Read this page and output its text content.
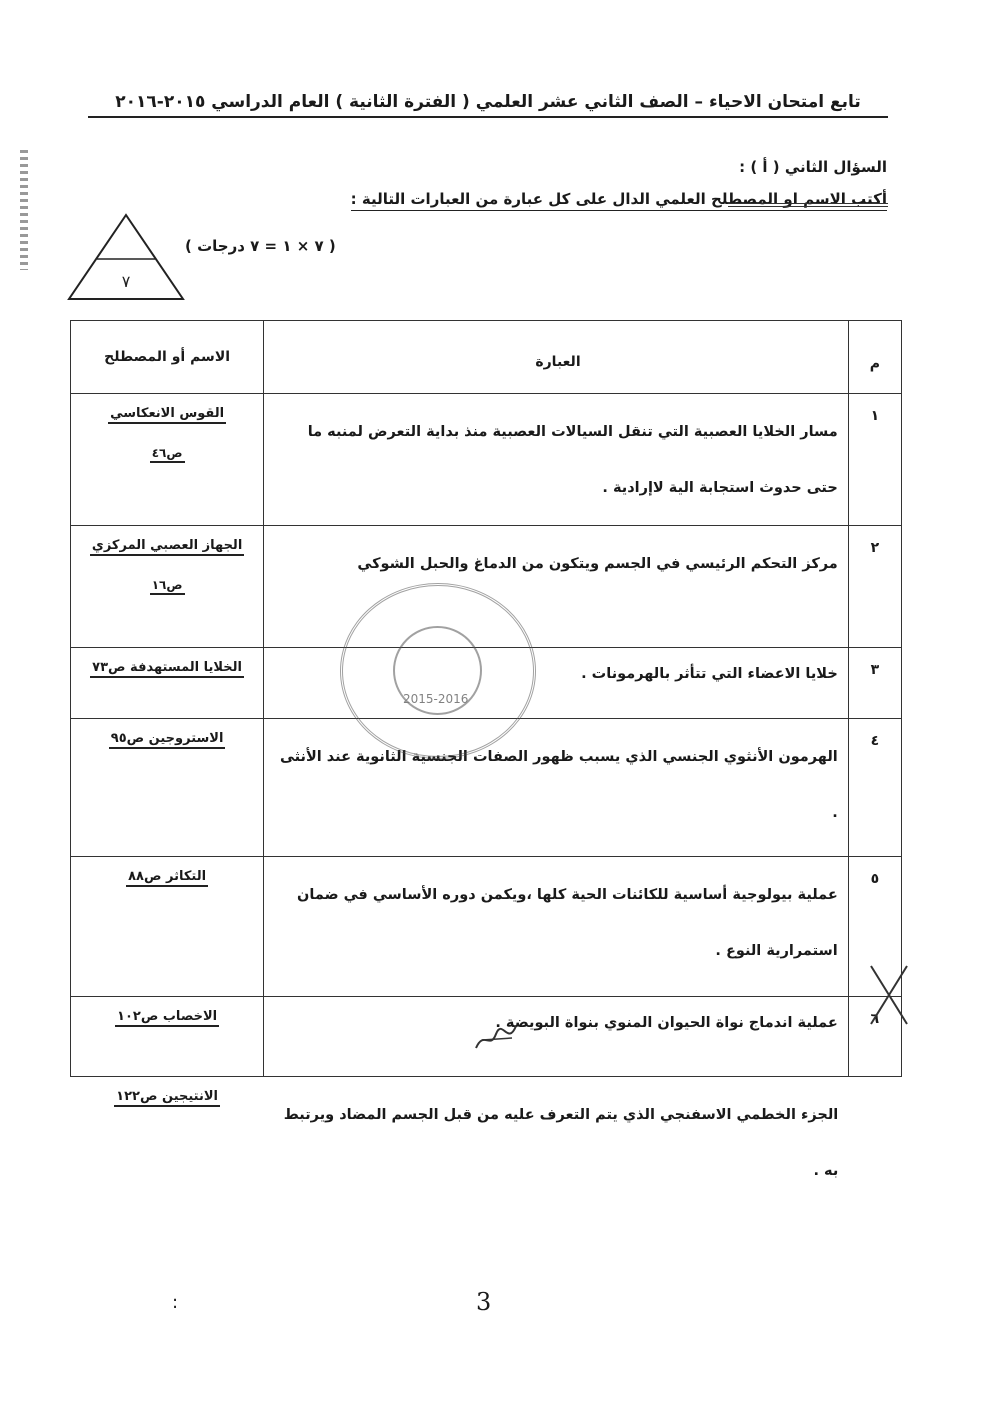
تابع امتحان الاحياء – الصف الثاني عشر العلمي ( الفترة الثانية ) العام الدراسي ٢٠١٥-٢٠١٦
السؤال الثاني ( أ ) :
أكتب الاسم او المصطلح العلمي الدال على كل عبارة من العبارات التالية :
( ٧ × ١ = ٧ درجات )
٧
م	العبارة	الاسم أو المصطلح
١	مسار الخلايا العصبية التي تنقل السيالات العصبية منذ بداية التعرض لمنبه ما حتى حدوث استجابة الية لاإرادية .	القوس الانعكاسي
ص٤٦

٢	مركز التحكم الرئيسي في الجسم ويتكون من الدماغ والحبل الشوكي	الجهاز العصبي المركزي
ص١٦

٣	خلايا الاعضاء التي تتأثر بالهرمونات .	الخلايا المستهدفة ص٧٣
٤	الهرمون الأنثوي الجنسي الذي يسبب ظهور الصفات الجنسية الثانوية عند الأنثى .	الاستروجين ص٩٥
٥	عملية بيولوجية أساسية للكائنات الحية كلها ،ويكمن دوره الأساسي في ضمان استمرارية النوع .	التكاثر ص٨٨
٦	عملية اندماج نواة الحيوان المنوي بنواة البويضة .	الاخصاب ص١٠٢
	الجزء الخطمي الاسفنجي الذي يتم التعرف عليه من قبل الجسم المضاد ويرتبط به .	الانتيجين ص١٢٢
2015-2016
3
:
